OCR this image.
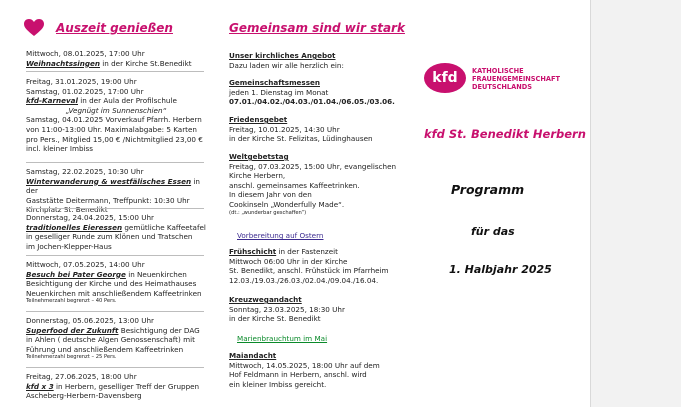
Auszeit genießen
Mittwoch, 08.01.2025, 17:00 Uhr
Weihnachtssingen in der Kirche St.Benedikt
Freitag, 31.01.2025, 19:00 Uhr
Samstag, 01.02.2025, 17:00 Uhr
kfd-Karneval in der Aula der Profilschule
„Vegnügt im Sunnenschien“
Samstag, 04.01.2025 Vorverkauf Pfarrh. Herbern
von 11:00-13:00 Uhr. Maximalabgabe: 5 Karten
pro Pers., Mitglied 15,00 € /Nichtmitglied 23,00 €
incl. kleiner Imbiss
Samstag, 22.02.2025, 10:30 Uhr
Winterwanderung & westfälisches Essen in der
Gaststätte Deitermann, Treffpunkt: 10:30 Uhr
Kirchplatz St. Benedikt
Donnerstag, 24.04.2025, 15:00 Uhr
traditionelles Eieressen gemütliche Kaffeetafel
in geselliger Runde zum Klönen und Tratschen
im Jochen-Klepper-Haus
Mittwoch, 07.05.2025, 14:00 Uhr
Besuch bei Pater George in Neuenkirchen
Besichtigung der Kirche und des Heimathauses
Neuenkirchen mit anschließendem Kaffeetrinken
Teilnehmerzahl begrenzt – 40 Pers.
Donnerstag, 05.06.2025, 13:00 Uhr
Superfood der Zukunft Besichtigung der DAG
in Ahlen ( deutsche Algen Genossenschaft) mit
Führung und anschließendem Kaffeetrinken
Teilnehmerzahl begrenzt – 25 Pers.
Freitag, 27.06.2025, 18:00 Uhr
kfd x 3 in Herbern, geselliger Treff der Gruppen
Ascheberg-Herbern-Davensberg
Gemeinsam sind wir stark
Unser kirchliches Angebot
Dazu laden wir alle herzlich ein:
Gemeinschaftsmessen
jeden 1. Dienstag im Monat
07.01./04.02./04.03./01.04./06.05./03.06.
Friedensgebet
Freitag, 10.01.2025, 14:30 Uhr
in der Kirche St. Felizitas, Lüdinghausen
Weltgebetstag
Freitag, 07.03.2025, 15:00 Uhr, evangelischen
Kirche Herbern,
anschl. gemeinsames Kaffeetrinken.
In diesem Jahr von den
Cookinseln „Wonderfully Made“.
(dt.: „wunderbar geschaffen“)
Vorbereitung auf Ostern
Frühschicht in der Fastenzeit
Mittwoch 06:00 Uhr in der Kirche
St. Benedikt, anschl. Frühstück im Pfarrheim
12.03./19.03./26.03./02.04./09.04./16.04.
Kreuzwegandacht
Sonntag, 23.03.2025, 18:30 Uhr
in der Kirche St. Benedikt
Marienbrauchtum im Mai
Maiandacht
Mittwoch, 14.05.2025, 18:00 Uhr auf dem
Hof Feldmann in Herbern, anschl. wird
ein kleiner Imbiss gereicht.
kfd	KATHOLISCHE
FRAUENGEMEINSCHAFT
DEUTSCHLANDS
kfd St. Benedikt Herbern
Programm
für das
1. Halbjahr 2025
